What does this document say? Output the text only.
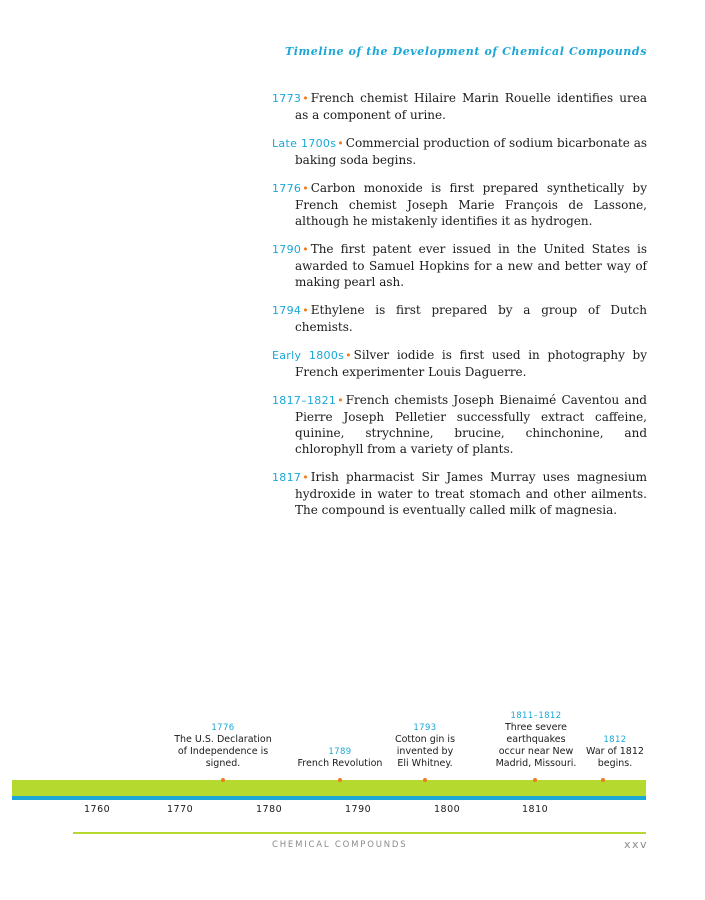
Timeline of the Development of Chemical Compounds

1773• French chemist Hilaire Marin Rouelle identifies urea as a component of urine.

Late 1700s• Commercial production of sodium bicarbonate as baking soda begins.

1776• Carbon monoxide is first prepared synthetically by French chemist Joseph Marie François de Lassone, although he mistakenly identifies it as hydrogen.

1790• The first patent ever issued in the United States is awarded to Samuel Hopkins for a new and better way of making pearl ash.

1794• Ethylene is first prepared by a group of Dutch chemists.

Early 1800s• Silver iodide is first used in photography by French experimenter Louis Daguerre.

1817–1821• French chemists Joseph Bienaimé Caventou and Pierre Joseph Pelletier successfully extract caffeine, quinine, strychnine, brucine, chinchonine, and chlorophyll from a variety of plants.

1817• Irish pharmacist Sir James Murray uses magnesium hydroxide in water to treat stomach and other ailments. The compound is eventually called milk of magnesia.

1776
The U.S. Declaration
of Independence is
signed.
1789
French Revolution
1793
Cotton gin is
invented by
Eli Whitney.
1811–1812
Three severe
earthquakes
occur near New
Madrid, Missouri.
1812
War of 1812
begins.
1760	1770	1780	1790	1800	1810
CHEMICAL COMPOUNDS	xxv
